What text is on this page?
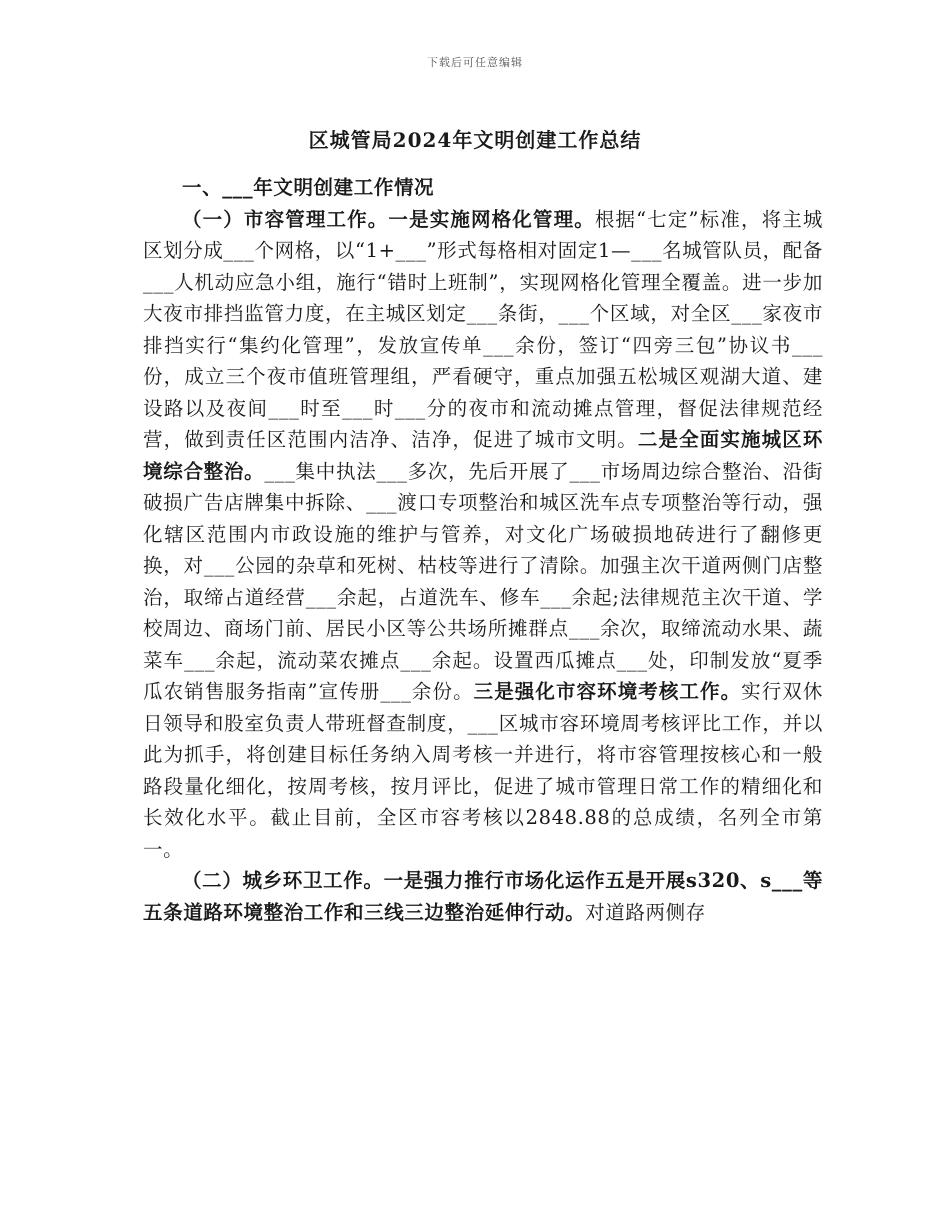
下载后可任意编辑
区城管局2024年文明创建工作总结

一、___年文明创建工作情况

（一）市容管理工作。一是实施网格化管理。根据“七定”标准，将主城区划分成___个网格，以“1+___”形式每格相对固定1—___名城管队员，配备___人机动应急小组，施行“错时上班制”，实现网格化管理全覆盖。进一步加大夜市排挡监管力度，在主城区划定___条街，___个区域，对全区___家夜市排挡实行“集约化管理”，发放宣传单___余份，签订“四旁三包”协议书___份，成立三个夜市值班管理组，严看硬守，重点加强五松城区观湖大道、建设路以及夜间___时至___时___分的夜市和流动摊点管理，督促法律规范经营，做到责任区范围内洁净、洁净，促进了城市文明。二是全面实施城区环境综合整治。___集中执法___多次，先后开展了___市场周边综合整治、沿街破损广告店牌集中拆除、___渡口专项整治和城区洗车点专项整治等行动，强化辖区范围内市政设施的维护与管养，对文化广场破损地砖进行了翻修更换，对___公园的杂草和死树、枯枝等进行了清除。加强主次干道两侧门店整治，取缔占道经营___余起，占道洗车、修车___余起;法律规范主次干道、学校周边、商场门前、居民小区等公共场所摊群点___余次，取缔流动水果、蔬菜车___余起，流动菜农摊点___余起。设置西瓜摊点___处，印制发放“夏季瓜农销售服务指南”宣传册___余份。三是强化市容环境考核工作。实行双休日领导和股室负责人带班督查制度，___区城市容环境周考核评比工作，并以此为抓手，将创建目标任务纳入周考核一并进行，将市容管理按核心和一般路段量化细化，按周考核，按月评比，促进了城市管理日常工作的精细化和长效化水平。截止目前，全区市容考核以2848.88的总成绩，名列全市第一。

（二）城乡环卫工作。一是强力推行市场化运作五是开展s320、s___等五条道路环境整治工作和三线三边整治延伸行动。对道路两侧存
